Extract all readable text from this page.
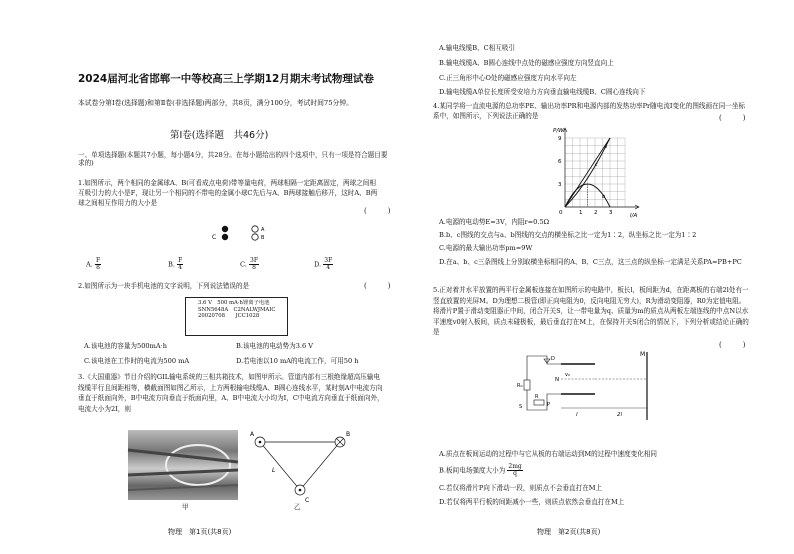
2024届河北省邯郸一中等校高三上学期12月期末考试物理试卷
本试卷分第Ⅰ卷(选择题)和第Ⅱ卷(非选择题)两部分，共8页，满分100分，考试时间75分钟。
第Ⅰ卷(选择题　共46分)
一、单项选择题(本题共7小题，每小题4分，共28分。在每小题给出的四个选项中，只有一项是符合题目要求的)
1.如图所示，两个相同的金属球A、B(可看成点电荷)带等量电荷，两球相隔一定距离固定，两球之间相互吸引力的大小是F，现让另一个相同的不带电的金属小球C先后与A、B两球接触后移开，这时A、B两球之间相互作用力的大小是
(　　　)
C
A
B
A. $\frac{F}{8}$	B. $\frac{F}{4}$	C. $\frac{3F}{8}$	D. $\frac{3F}{4}$
2.如图所示为一块手机电池的文字说明，下列说法错误的是	(　　　)
3.6 V　500 mA·h锂离子电池
SNN5648A　C2NALWJMAIC
20020708　　JCC1028
A.该电池的容量为500mA·h	B.该电池的电动势为3.6 V
C.该电池在工作时的电流为500 mA	D.若电池以10 mA的电流工作，可用50 h
3.《大国重器》节目介绍的GIL输电系统的三相共箱技术，如图甲所示。管道内部有三根绝缘超高压输电线缆平行且间距相等，横截面图如图乙所示，上方两根输电线缆A、B圆心连线水平，某时刻A中电流方向垂直于纸面向外，B中电流方向垂直于纸面向里，A、B中电流大小均为I，C中电流方向垂直于纸面向外，电流大小为2I，则
甲
A	B
C
L
乙
物理　第1页(共8页)
A.输电线缆B、C相互吸引
B.输电线缆A、B圆心连线中点处的磁感应强度方向竖直向上
C.正三角形中心O处的磁感应强度方向水平向左
D.输电线缆A单位长度所受安培力方向垂直输电线缆B、C圆心连线向下
4.某同学将一直流电源的总功率PE、输出功率PR和电源内部的发热功率Pr随电流I变化的图线画在同一坐标系中，如图所示，下列说法正确的是	(　　　)
P/W
I/A
9
6
3
0	1 2 3
a
b
c
A.电源的电动势E=3V，内阻r=0.5Ω
B.b、c图线的交点与a、b图线的交点的横坐标之比一定为1∶2，纵坐标之比一定为1∶2
C.电源的最大输出功率pm=9W
D.在a、b、c三条图线上分别取横坐标相同的A、B、C三点，这三点的纵坐标一定满足关系PA=PB+PC
5.正对着并水平放置的两平行金属板连接在如图所示的电路中，板长l，板间距为d，在距离板的右端2l处有一竖直放置的光屏M。D为理想二极管(即正向电阻为0，反向电阻无穷大)，R为滑动变阻器，R0为定值电阻。将滑片P置于滑动变阻器正中间，闭合开关S，让一带电量为q、质量为m的质点从两板左端连线的中点N以水平速度v0射入板间，质点未碰极板，最后垂直打在M上，在保持开关S闭合的情况下，下列分析或结论正确的是
(　　　)
M
N
v₀
D
R₀
R
P
S
l	2l
A.质点在板间运动的过程中与它从板的右端运动到M的过程中速度变化相同
B.板间电场强度大小为 $\frac{2mg}{q}$
C.若仅将滑片P向下滑动一段，则质点不会垂直打在M上
D.若仅将两平行板的间距减小一些，则质点依然会垂直打在M上
物理　第2页(共8页)
